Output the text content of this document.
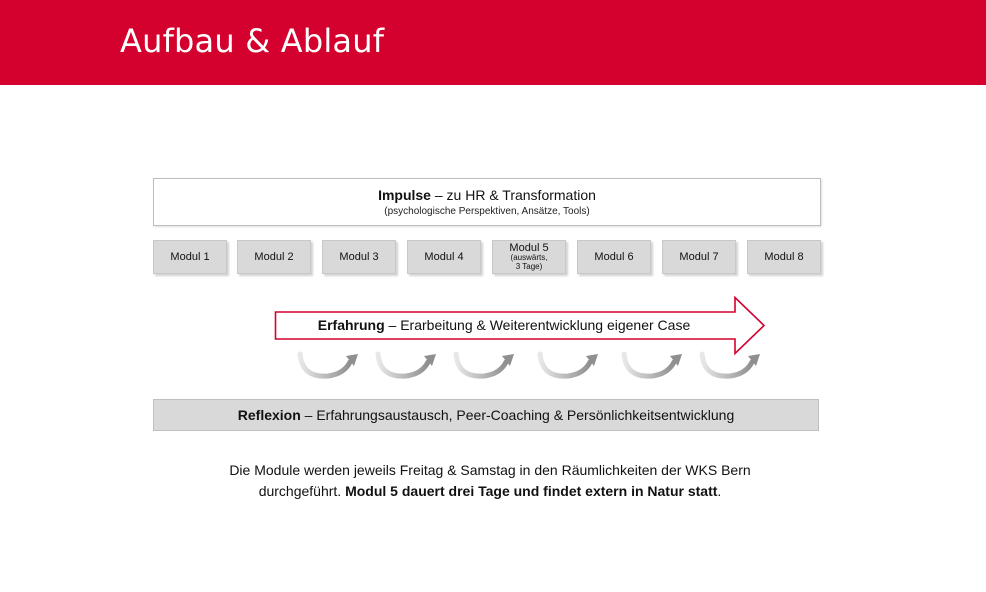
Aufbau & Ablauf
Impulse – zu HR & Transformation
(psychologische Perspektiven, Ansätze, Tools)
Modul 1	Modul 2	Modul 3	Modul 4
Modul 5
(auswärts,
3 Tage)
Modul 6	Modul 7	Modul 8
Erfahrung – Erarbeitung & Weiterentwicklung eigener Case
Reflexion – Erfahrungsaustausch, Peer-Coaching & Persönlichkeitsentwicklung
Die Module werden jeweils Freitag & Samstag in den Räumlichkeiten der WKS Bern
durchgeführt. Modul 5 dauert drei Tage und findet extern in Natur statt.
